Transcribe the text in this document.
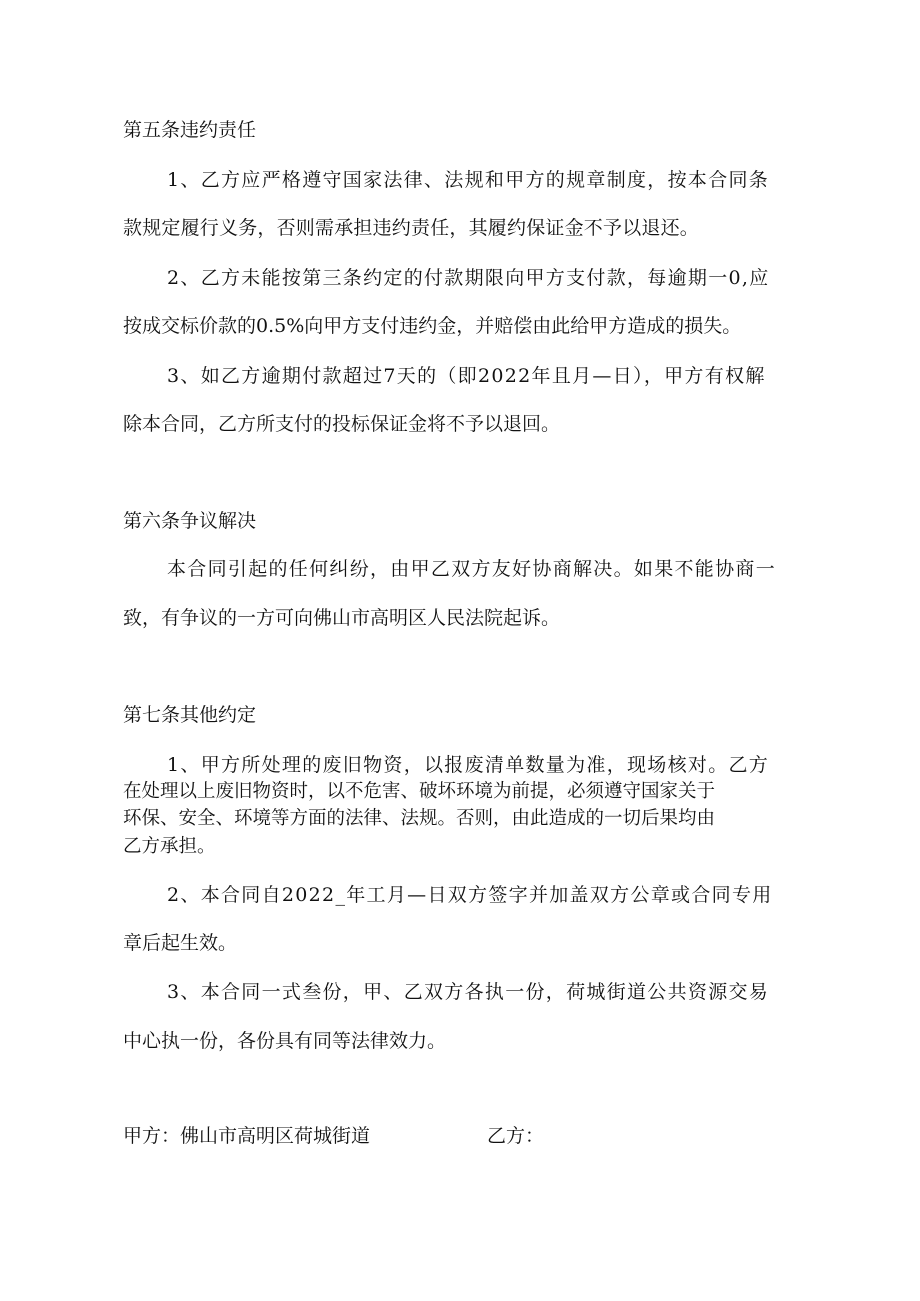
第五条违约责任

1、乙方应严格遵守国家法律、法规和甲方的规章制度，按本合同条

款规定履行义务，否则需承担违约责任，其履约保证金不予以退还。

2、乙方未能按第三条约定的付款期限向甲方支付款，每逾期一0,应

按成交标价款的0.5%向甲方支付违约金，并赔偿由此给甲方造成的损失。

3、如乙方逾期付款超过7天的（即2022年且月—日），甲方有权解

除本合同，乙方所支付的投标保证金将不予以退回。

第六条争议解决

本合同引起的任何纠纷，由甲乙双方友好协商解决。如果不能协商一

致，有争议的一方可向佛山市高明区人民法院起诉。

第七条其他约定

1、甲方所处理的废旧物资，以报废清单数量为准，现场核对。乙方

在处理以上废旧物资时，以不危害、破坏环境为前提，必须遵守国家关于

环保、安全、环境等方面的法律、法规。否则，由此造成的一切后果均由

乙方承担。

2、本合同自2022_年工月—日双方签字并加盖双方公章或合同专用

章后起生效。

3、本合同一式叁份，甲、乙双方各执一份，荷城街道公共资源交易

中心执一份，各份具有同等法律效力。

甲方：佛山市高明区荷城街道	乙方：
